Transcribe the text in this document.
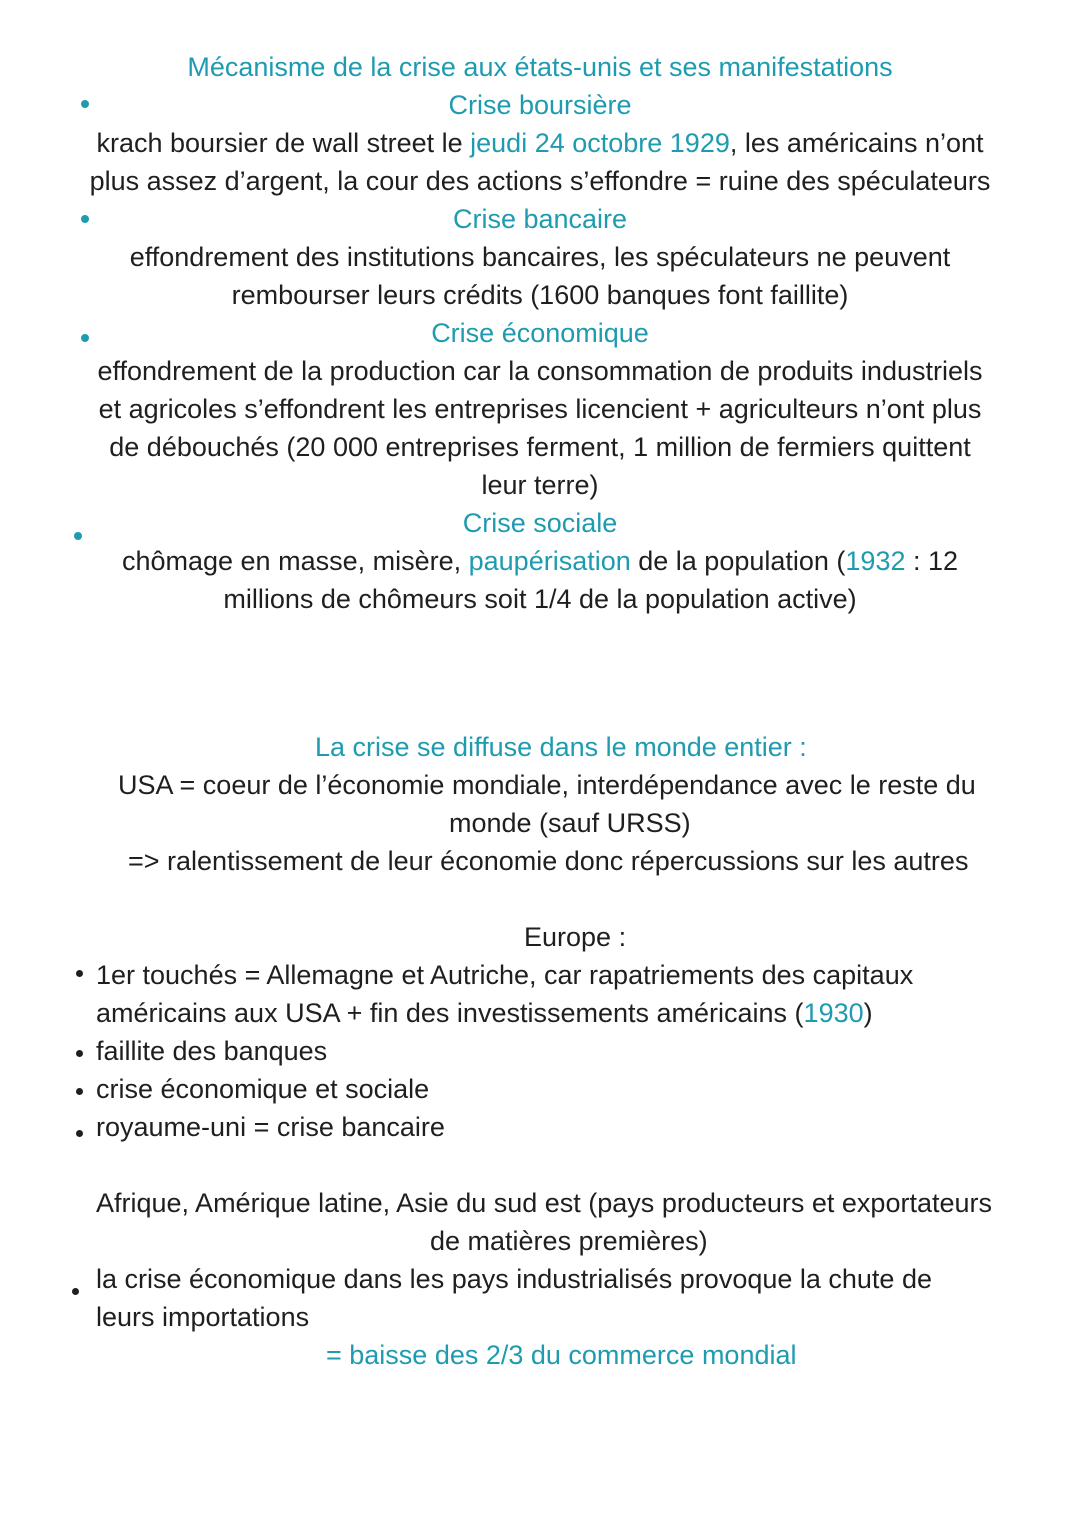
Mécanisme de la crise aux états-unis et ses manifestations
Crise boursière
krach boursier de wall street le jeudi 24 octobre 1929, les américains n’ont
plus assez d’argent, la cour des actions s’effondre = ruine des spéculateurs
Crise bancaire
effondrement des institutions bancaires, les spéculateurs ne peuvent
rembourser leurs crédits (1600 banques font faillite)
Crise économique
effondrement de la production car la consommation de produits industriels
et agricoles s’effondrent les entreprises licencient + agriculteurs n’ont plus
de débouchés (20 000 entreprises ferment, 1 million de fermiers quittent
leur terre)
Crise sociale
chômage en masse, misère, paupérisation de la population (1932 : 12
millions de chômeurs soit 1/4 de la population active)
La crise se diffuse dans le monde entier :
USA = coeur de l’économie mondiale, interdépendance avec le reste du
monde (sauf URSS)
=> ralentissement de leur économie donc répercussions sur les autres
Europe :
1er touchés = Allemagne et Autriche, car rapatriements des capitaux
américains aux USA + fin des investissements américains (1930)
faillite des banques
crise économique et sociale
royaume-uni = crise bancaire
Afrique, Amérique latine, Asie du sud est (pays producteurs et exportateurs
de matières premières)
la crise économique dans les pays industrialisés provoque la chute de
leurs importations
= baisse des 2/3 du commerce mondial
